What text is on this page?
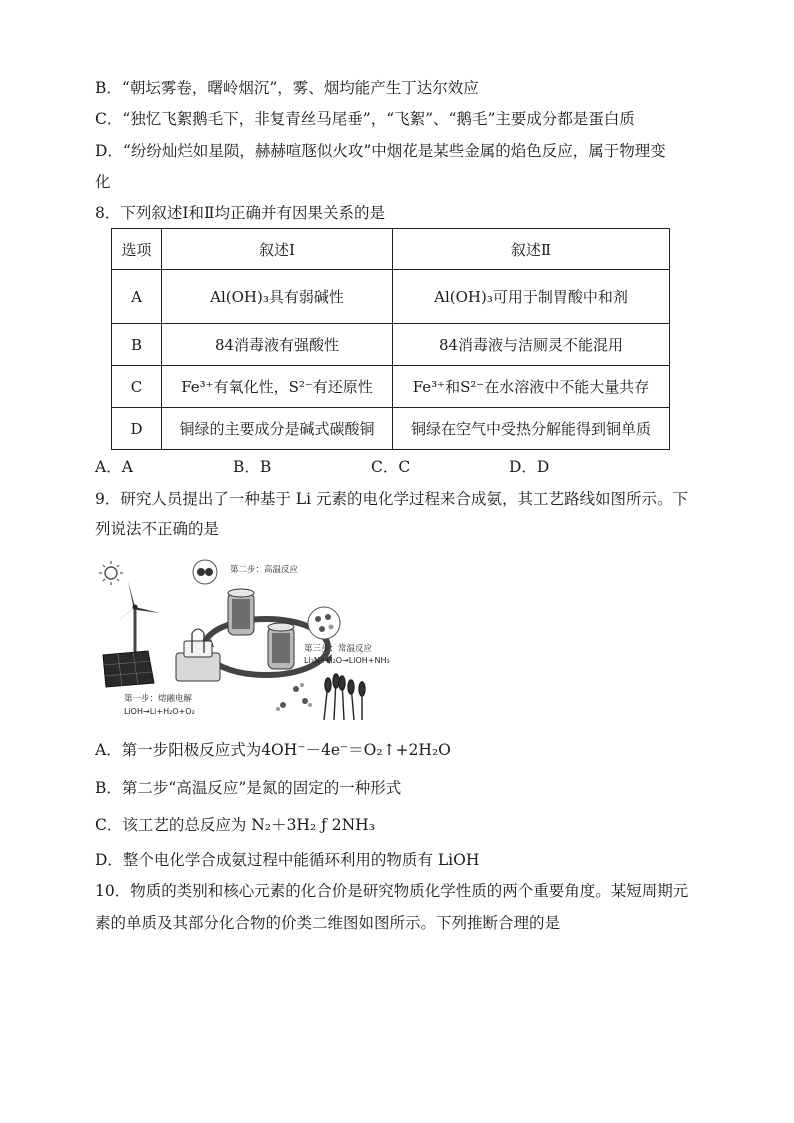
B．“朝坛雾卷，曙岭烟沉”，雾、烟均能产生丁达尔效应
C．“独忆飞絮鹅毛下，非复青丝马尾垂”，“飞絮”、“鹅毛”主要成分都是蛋白质
D．“纷纷灿烂如星陨，赫赫喧豗似火攻”中烟花是某些金属的焰色反应，属于物理变
化
8．下列叙述Ⅰ和Ⅱ均正确并有因果关系的是
选项	叙述Ⅰ	叙述Ⅱ
A	Al(OH)₃具有弱碱性	Al(OH)₃可用于制胃酸中和剂
B	84消毒液有强酸性	84消毒液与洁厕灵不能混用
C	Fe³⁺有氧化性，S²⁻有还原性	Fe³⁺和S²⁻在水溶液中不能大量共存
D	铜绿的主要成分是碱式碳酸铜	铜绿在空气中受热分解能得到铜单质
A．A	B．B	C．C	D．D
9．研究人员提出了一种基于 Li 元素的电化学过程来合成氨，其工艺路线如图所示。下
列说法不正确的是
第二步：高温反应
第三步：常温反应
Li₃N+H₂O→LiOH+NH₃
第一步：熔融电解
LiOH→Li+H₂O+O₂
A．第一步阳极反应式为4OH⁻－4e⁻＝O₂↑+2H₂O
B．第二步“高温反应”是氮的固定的一种形式
C．该工艺的总反应为 N₂＋3H₂ ƒ 2NH₃
D．整个电化学合成氨过程中能循环利用的物质有 LiOH
10．物质的类别和核心元素的化合价是研究物质化学性质的两个重要角度。某短周期元
素的单质及其部分化合物的价类二维图如图所示。下列推断合理的是
